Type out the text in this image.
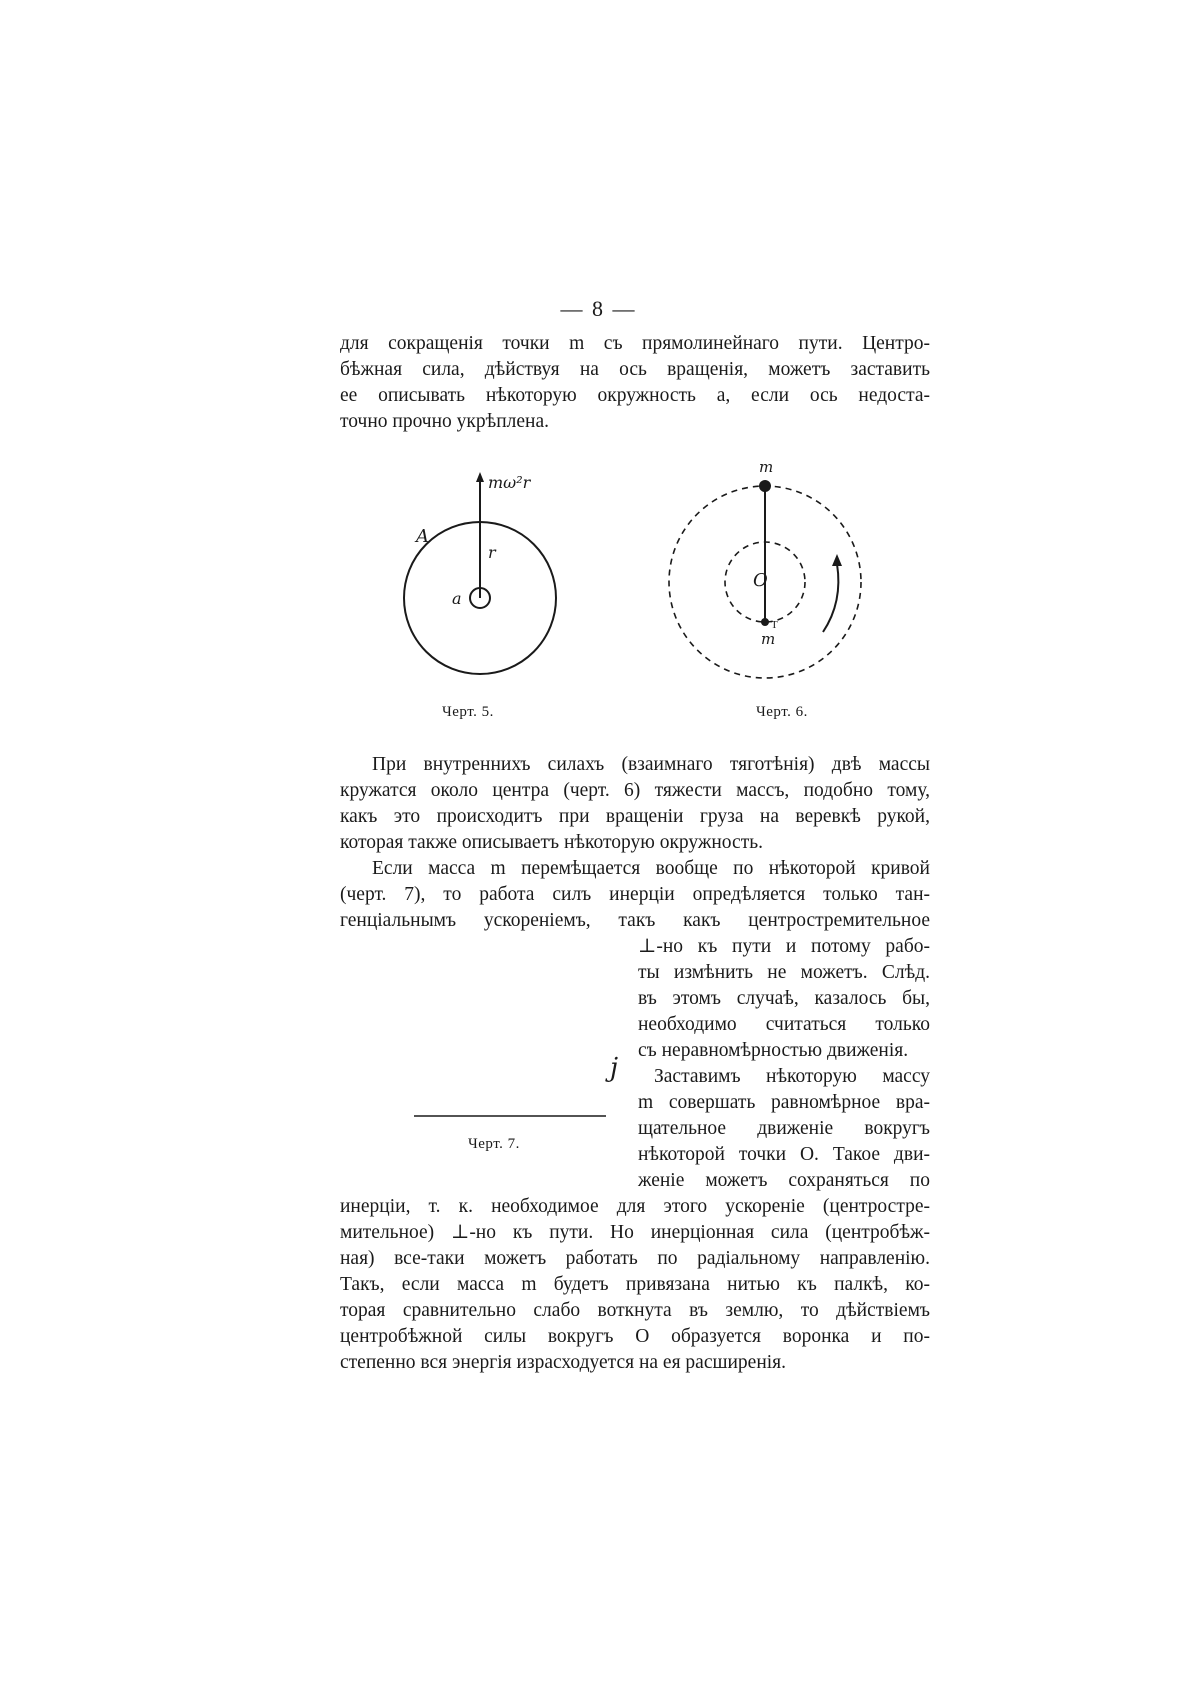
— 8 —
для сокращенія точки m съ прямолинейнаго пути. Центро-
бѣжная сила, дѣйствуя на ось вращенія, можетъ заставить
ее описывать нѣкоторую окружность a, если ось недоста-
точно прочно укрѣплена.
mω²r
A
r
a
Черт. 5.
m
O
T
m
Черт. 6.
При внутреннихъ силахъ (взаимнаго тяготѣнія) двѣ массы
кружатся около центра (черт. 6) тяжести массъ, подобно тому,
какъ это происходитъ при вращеніи груза на веревкѣ рукой,
которая также описываетъ нѣкоторую окружность.
Если масса m перемѣщается вообще по нѣкоторой кривой
(черт. 7), то работа силъ инерціи опредѣляется только тан-
генціальнымъ ускореніемъ, такъ какъ центростремительное
⊥-но къ пути и потому рабо-
ты измѣнить не можетъ. Слѣд.
въ этомъ случаѣ, казалось бы,
необходимо считаться только
съ неравномѣрностью движенія.
j
Черт. 7.
Заставимъ нѣкоторую массу
m совершать равномѣрное вра-
щательное движеніе вокругъ
нѣкоторой точки O. Такое дви-
женіе можетъ сохраняться по
инерціи, т. к. необходимое для этого ускореніе (центростре-
мительное) ⊥-но къ пути. Но инерціонная сила (центробѣж-
ная) все-таки можетъ работать по радіальному направленію.
Такъ, если масса m будетъ привязана нитью къ палкѣ, ко-
торая сравнительно слабо воткнута въ землю, то дѣйствіемъ
центробѣжной силы вокругъ O образуется воронка и по-
степенно вся энергія израсходуется на ея расширенія.
